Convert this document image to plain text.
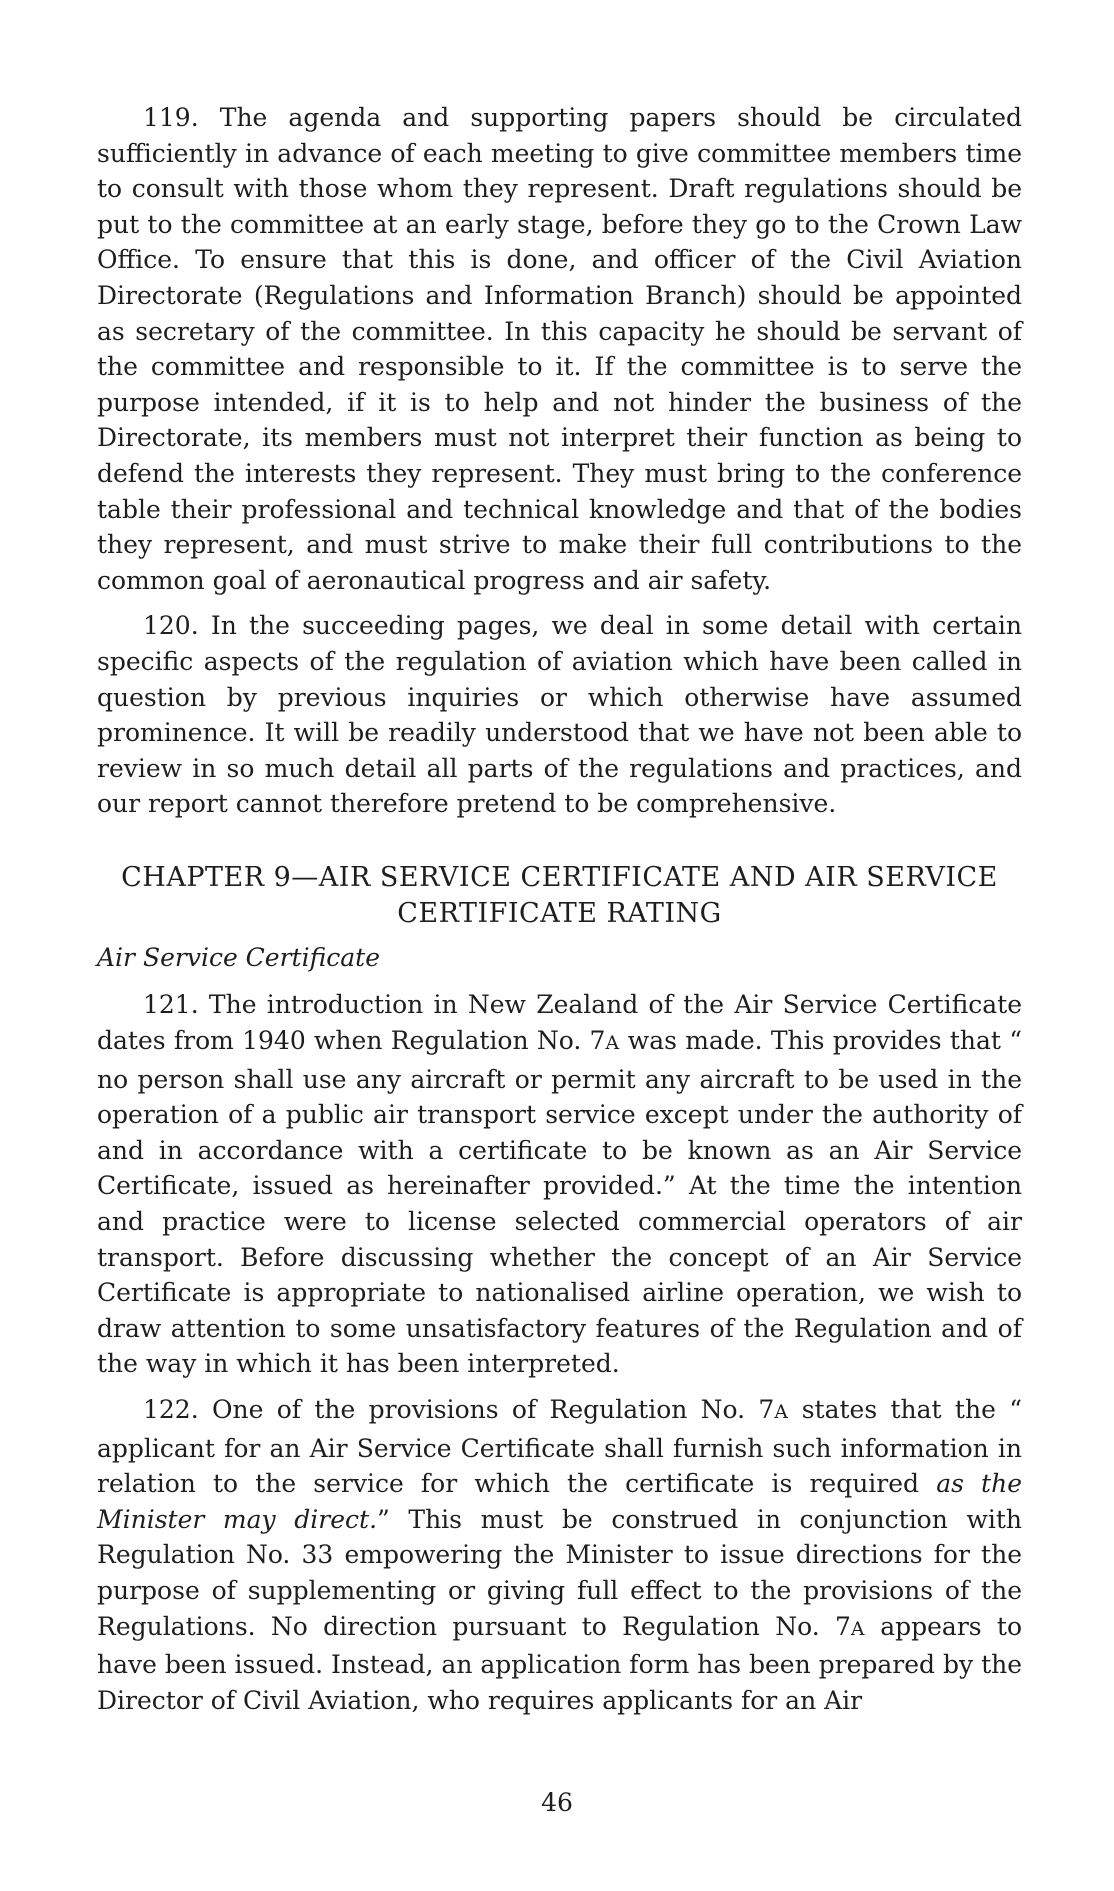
119. The agenda and supporting papers should be circulated sufficiently in advance of each meeting to give committee members time to consult with those whom they represent. Draft regulations should be put to the committee at an early stage, before they go to the Crown Law Office. To ensure that this is done, and officer of the Civil Aviation Directorate (Regulations and Information Branch) should be appointed as secretary of the committee. In this capacity he should be servant of the committee and responsible to it. If the committee is to serve the purpose intended, if it is to help and not hinder the business of the Directorate, its members must not interpret their function as being to defend the interests they represent. They must bring to the conference table their professional and technical knowledge and that of the bodies they represent, and must strive to make their full contributions to the common goal of aeronautical progress and air safety.

120. In the succeeding pages, we deal in some detail with certain specific aspects of the regulation of aviation which have been called in question by previous inquiries or which otherwise have assumed prominence. It will be readily understood that we have not been able to review in so much detail all parts of the regulations and practices, and our report cannot therefore pretend to be comprehensive.

CHAPTER 9—AIR SERVICE CERTIFICATE AND AIR SERVICE
CERTIFICATE RATING
Air Service Certificate

121. The introduction in New Zealand of the Air Service Certificate dates from 1940 when Regulation No. 7A was made. This provides that “ no person shall use any aircraft or permit any aircraft to be used in the operation of a public air transport service except under the authority of and in accordance with a certificate to be known as an Air Service Certificate, issued as hereinafter provided.” At the time the intention and practice were to license selected commercial operators of air transport. Before discussing whether the concept of an Air Service Certificate is appropriate to nationalised airline operation, we wish to draw attention to some unsatisfactory features of the Regulation and of the way in which it has been interpreted.

122. One of the provisions of Regulation No. 7A states that the “ applicant for an Air Service Certificate shall furnish such information in relation to the service for which the certificate is required as the Minister may direct.” This must be construed in conjunction with Regulation No. 33 empowering the Minister to issue directions for the purpose of supplementing or giving full effect to the provisions of the Regulations. No direction pursuant to Regulation No. 7A appears to have been issued. Instead, an application form has been prepared by the Director of Civil Aviation, who requires applicants for an Air

46
